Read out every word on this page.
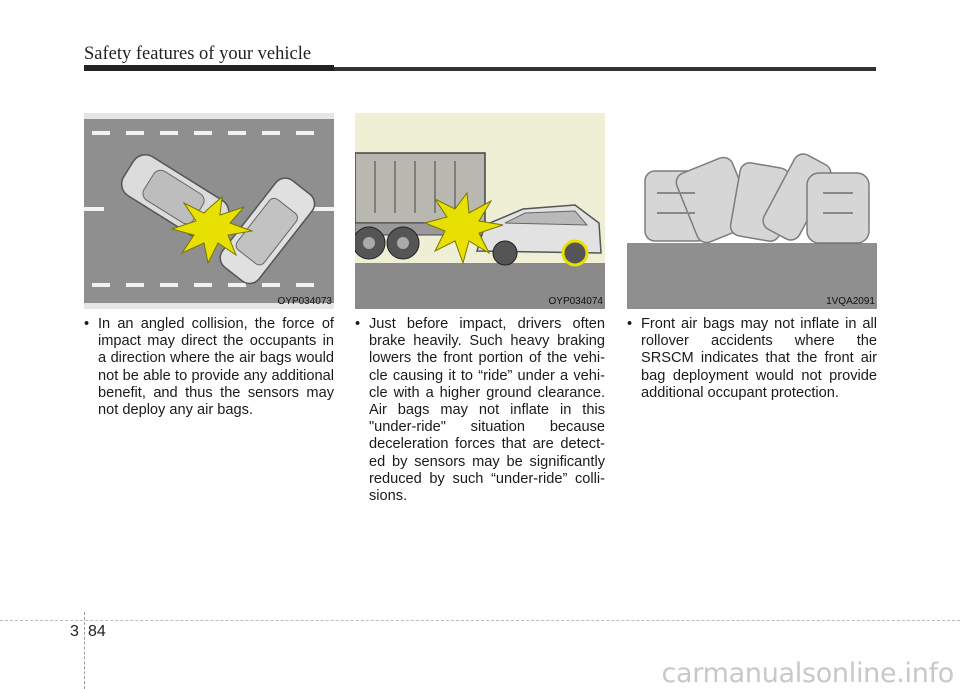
Safety features of your vehicle
OYP034073	OYP034074	1VQA2091

• In an angled collision, the force of impact may direct the occupants in a direction where the air bags would not be able to provide any additional benefit, and thus the sensors may not deploy any air bags.

• Just before impact, drivers often brake heavily. Such heavy braking lowers the front portion of the vehi-cle causing it to “ride” under a vehi-cle with a higher ground clearance. Air bags may not inflate in this "under-ride" situation because deceleration forces that are detect-ed by sensors may be significantly reduced by such “under-ride” colli-sions.

• Front air bags may not inflate in all rollover accidents where the SRSCM indicates that the front air bag deployment would not provide additional occupant protection.

3 84
carmanualsonline.info
